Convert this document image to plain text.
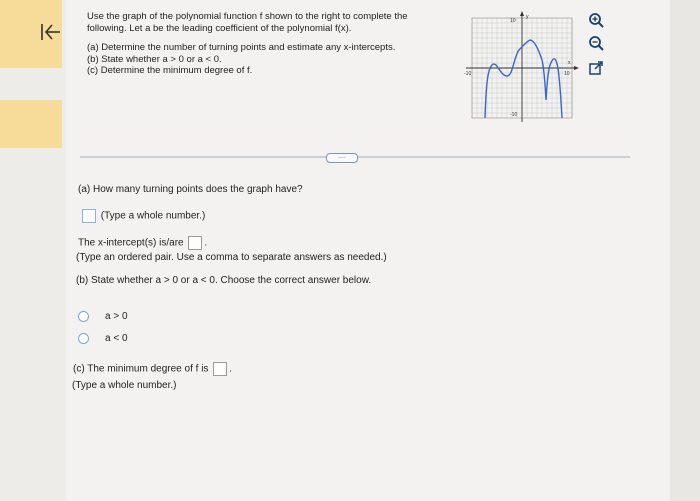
Use the graph of the polynomial function f shown to the right to complete the

following. Let a be the leading coefficient of the polynomial f(x).

(a) Determine the number of turning points and estimate any x-intercepts.

(b) State whether a > 0 or a < 0.

(c) Determine the minimum degree of f.

x
y
-10	10
10
-10
....
(a) How many turning points does the graph have?
(Type a whole number.)
The x-intercept(s) is/are .
(Type an ordered pair. Use a comma to separate answers as needed.)
(b) State whether a > 0 or a < 0. Choose the correct answer below.
a > 0
a < 0
(c) The minimum degree of f is .
(Type a whole number.)
